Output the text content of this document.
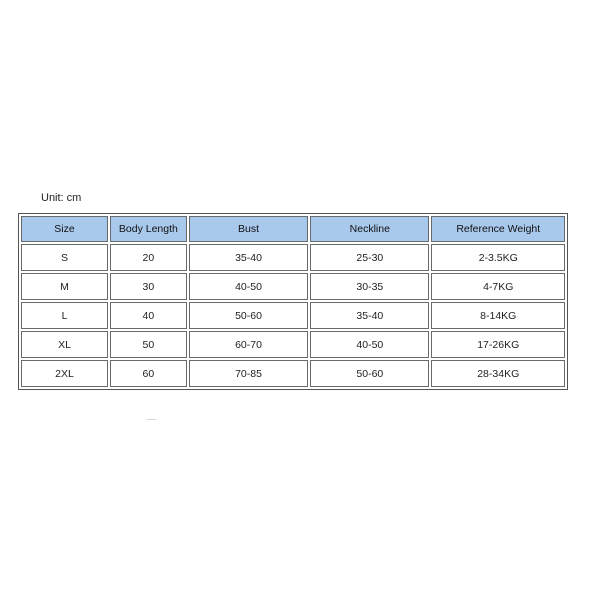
Unit: cm
Size	Body Length	Bust	Neckline	Reference Weight
S	20	35-40	25-30	2-3.5KG
M	30	40-50	30-35	4-7KG
L	40	50-60	35-40	8-14KG
XL	50	60-70	40-50	17-26KG
2XL	60	70-85	50-60	28-34KG
